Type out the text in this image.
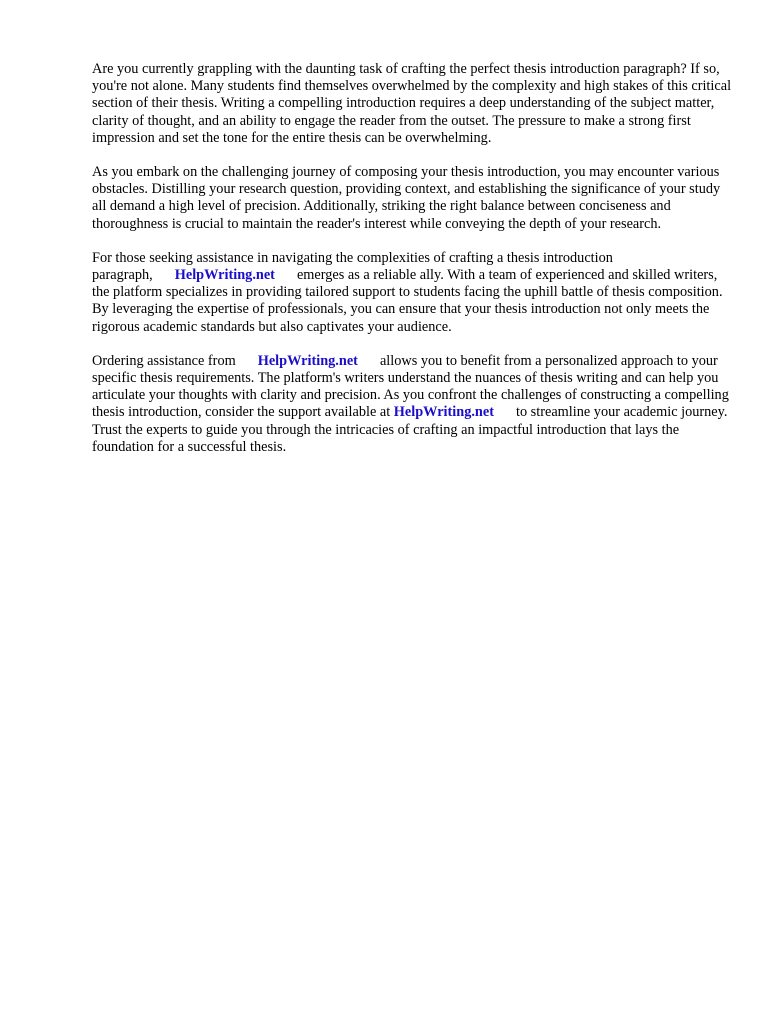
Are you currently grappling with the daunting task of crafting the perfect thesis introduction paragraph? If so, you're not alone. Many students find themselves overwhelmed by the complexity and high stakes of this critical section of their thesis. Writing a compelling introduction requires a deep understanding of the subject matter, clarity of thought, and an ability to engage the reader from the outset. The pressure to make a strong first impression and set the tone for the entire thesis can be overwhelming.

As you embark on the challenging journey of composing your thesis introduction, you may encounter various obstacles. Distilling your research question, providing context, and establishing the significance of your study all demand a high level of precision. Additionally, striking the right balance between conciseness and thoroughness is crucial to maintain the reader's interest while conveying the depth of your research.

For those seeking assistance in navigating the complexities of crafting a thesis introduction paragraph, HelpWriting.net emerges as a reliable ally. With a team of experienced and skilled writers, the platform specializes in providing tailored support to students facing the uphill battle of thesis composition. By leveraging the expertise of professionals, you can ensure that your thesis introduction not only meets the rigorous academic standards but also captivates your audience.

Ordering assistance from HelpWriting.net allows you to benefit from a personalized approach to your specific thesis requirements. The platform's writers understand the nuances of thesis writing and can help you articulate your thoughts with clarity and precision. As you confront the challenges of constructing a compelling thesis introduction, consider the support available at HelpWriting.net to streamline your academic journey. Trust the experts to guide you through the intricacies of crafting an impactful introduction that lays the foundation for a successful thesis.
